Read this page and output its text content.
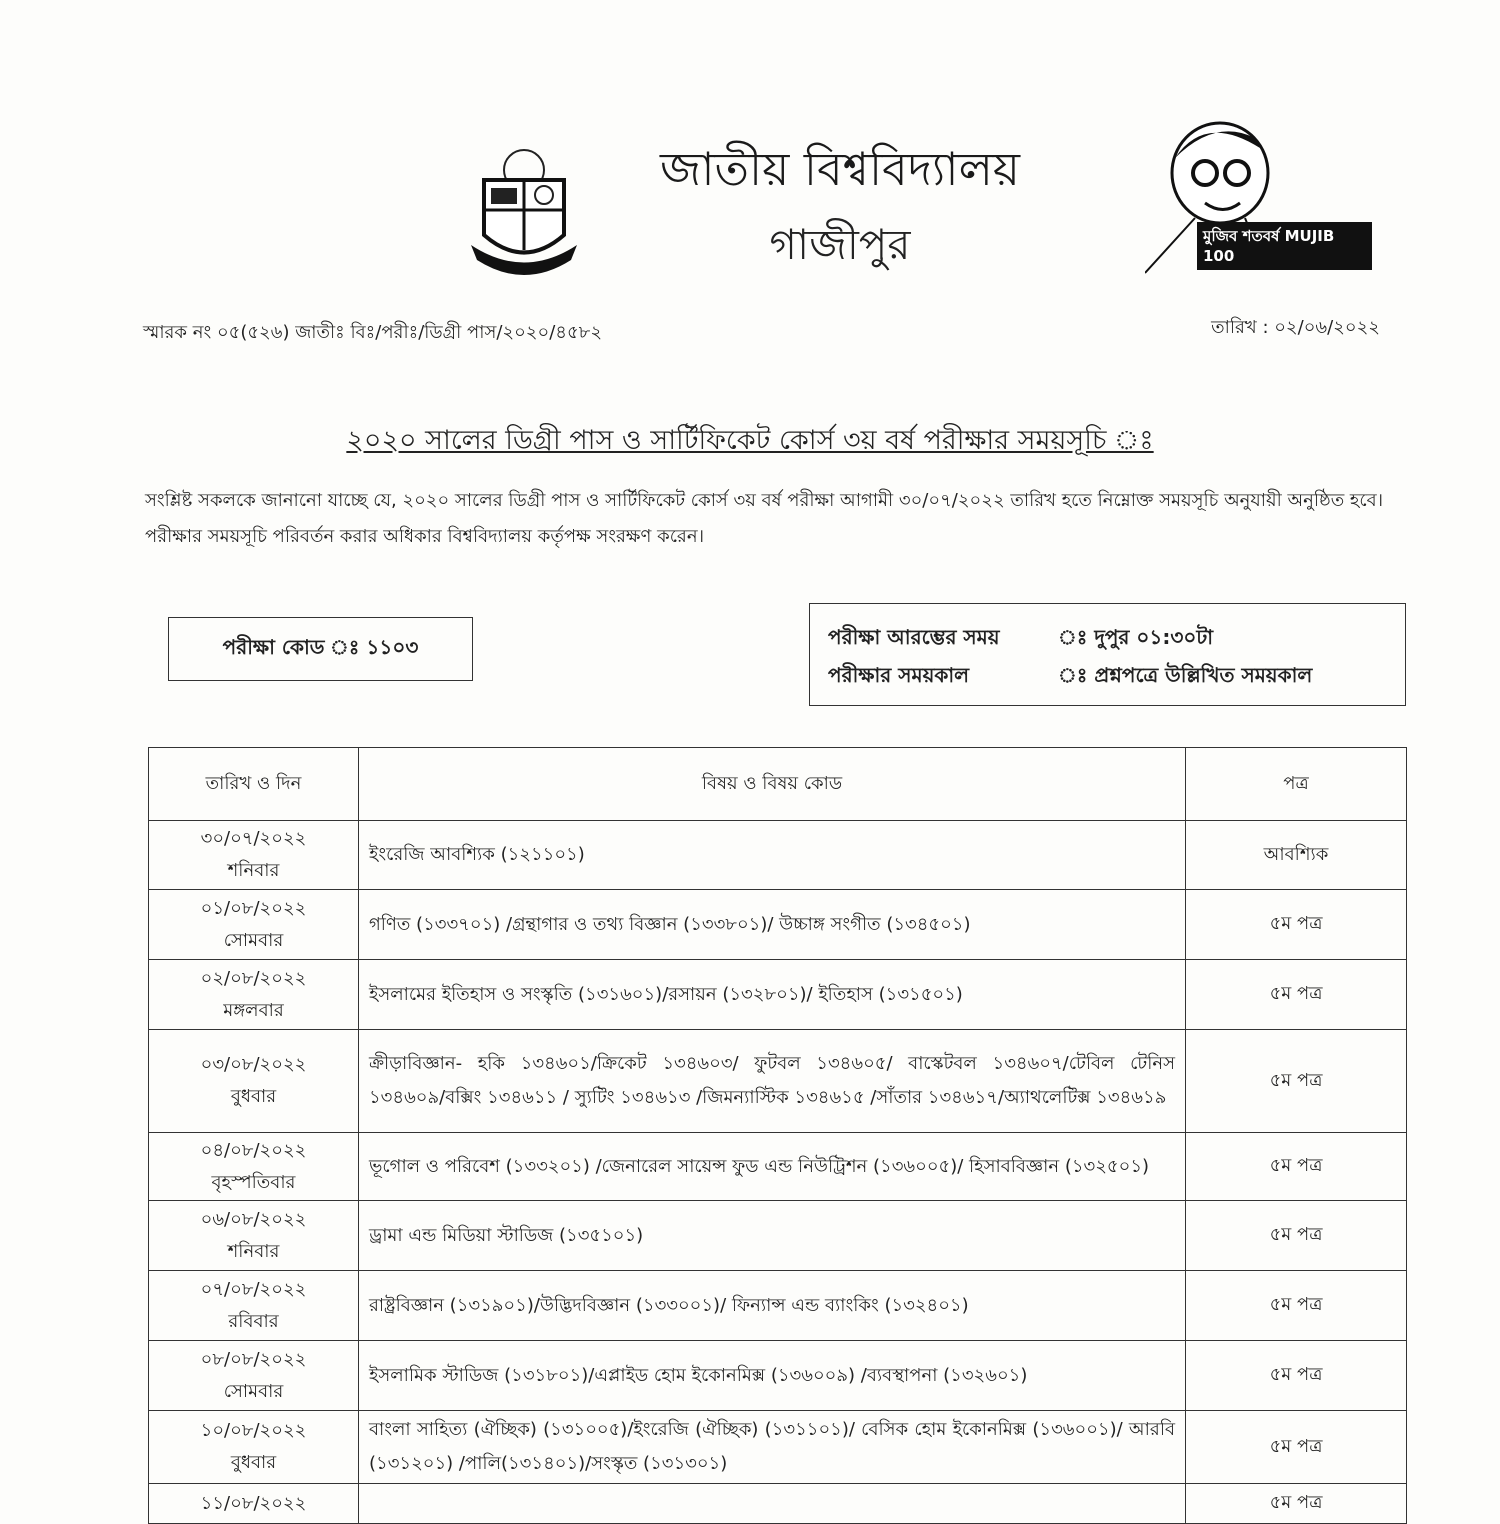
জাতীয় বিশ্ববিদ্যালয়
গাজীপুর	মুজিব শতবর্ষ MUJIB 100
স্মারক নং ০৫(৫২৬) জাতীঃ বিঃ/পরীঃ/ডিগ্রী পাস/২০২০/৪৫৮২	তারিখ : ০২/০৬/২০২২
২০২০ সালের ডিগ্রী পাস ও সার্টিফিকেট কোর্স ৩য় বর্ষ পরীক্ষার সময়সূচি ঃ
সংশ্লিষ্ট সকলকে জানানো যাচ্ছে যে, ২০২০ সালের ডিগ্রী পাস ও সার্টিফিকেট কোর্স ৩য় বর্ষ পরীক্ষা আগামী ৩০/০৭/২০২২ তারিখ হতে নিম্নোক্ত সময়সূচি অনুযায়ী অনুষ্ঠিত হবে। পরীক্ষার সময়সূচি পরিবর্তন করার অধিকার বিশ্ববিদ্যালয় কর্তৃপক্ষ সংরক্ষণ করেন।
পরীক্ষা কোড ঃ ১১০৩	পরীক্ষা আরম্ভের সময়	ঃ দুপুর ০১:৩০টা
পরীক্ষার সময়কাল	ঃ প্রশ্নপত্রে উল্লিখিত সময়কাল
তারিখ ও দিন	বিষয় ও বিষয় কোড	পত্র

৩০/০৭/২০২২
শনিবার	ইংরেজি আবশ্যিক (১২১১০১)	আবশ্যিক

০১/০৮/২০২২
সোমবার	গণিত (১৩৩৭০১) /গ্রন্থাগার ও তথ্য বিজ্ঞান (১৩৩৮০১)/ উচ্চাঙ্গ সংগীত (১৩৪৫০১)	৫ম পত্র

০২/০৮/২০২২
মঙ্গলবার	ইসলামের ইতিহাস ও সংস্কৃতি (১৩১৬০১)/রসায়ন (১৩২৮০১)/ ইতিহাস (১৩১৫০১)	৫ম পত্র

০৩/০৮/২০২২
বুধবার	ক্রীড়াবিজ্ঞান- হকি ১৩৪৬০১/ক্রিকেট ১৩৪৬০৩/ ফুটবল ১৩৪৬০৫/ বাস্কেটবল ১৩৪৬০৭/টেবিল টেনিস ১৩৪৬০৯/বক্সিং ১৩৪৬১১ / স্যুটিং ১৩৪৬১৩ /জিমন্যাস্টিক ১৩৪৬১৫ /সাঁতার ১৩৪৬১৭/অ্যাথলেটিক্স ১৩৪৬১৯	৫ম পত্র

০৪/০৮/২০২২
বৃহস্পতিবার	ভূগোল ও পরিবেশ (১৩৩২০১) /জেনারেল সায়েন্স ফুড এন্ড নিউট্রিশন (১৩৬০০৫)/ হিসাববিজ্ঞান (১৩২৫০১)	৫ম পত্র

০৬/০৮/২০২২
শনিবার	ড্রামা এন্ড মিডিয়া স্টাডিজ (১৩৫১০১)	৫ম পত্র

০৭/০৮/২০২২
রবিবার	রাষ্ট্রবিজ্ঞান (১৩১৯০১)/উদ্ভিদবিজ্ঞান (১৩৩০০১)/ ফিন্যান্স এন্ড ব্যাংকিং (১৩২৪০১)	৫ম পত্র

০৮/০৮/২০২২
সোমবার	ইসলামিক স্টাডিজ (১৩১৮০১)/এপ্লাইড হোম ইকোনমিক্স (১৩৬০০৯) /ব্যবস্থাপনা (১৩২৬০১)	৫ম পত্র

১০/০৮/২০২২
বুধবার	বাংলা সাহিত্য (ঐচ্ছিক) (১৩১০০৫)/ইংরেজি (ঐচ্ছিক) (১৩১১০১)/ বেসিক হোম ইকোনমিক্স (১৩৬০০১)/ আরবি (১৩১২০১) /পালি(১৩১৪০১)/সংস্কৃত (১৩১৩০১)	৫ম পত্র

১১/০৮/২০২২		৫ম পত্র
